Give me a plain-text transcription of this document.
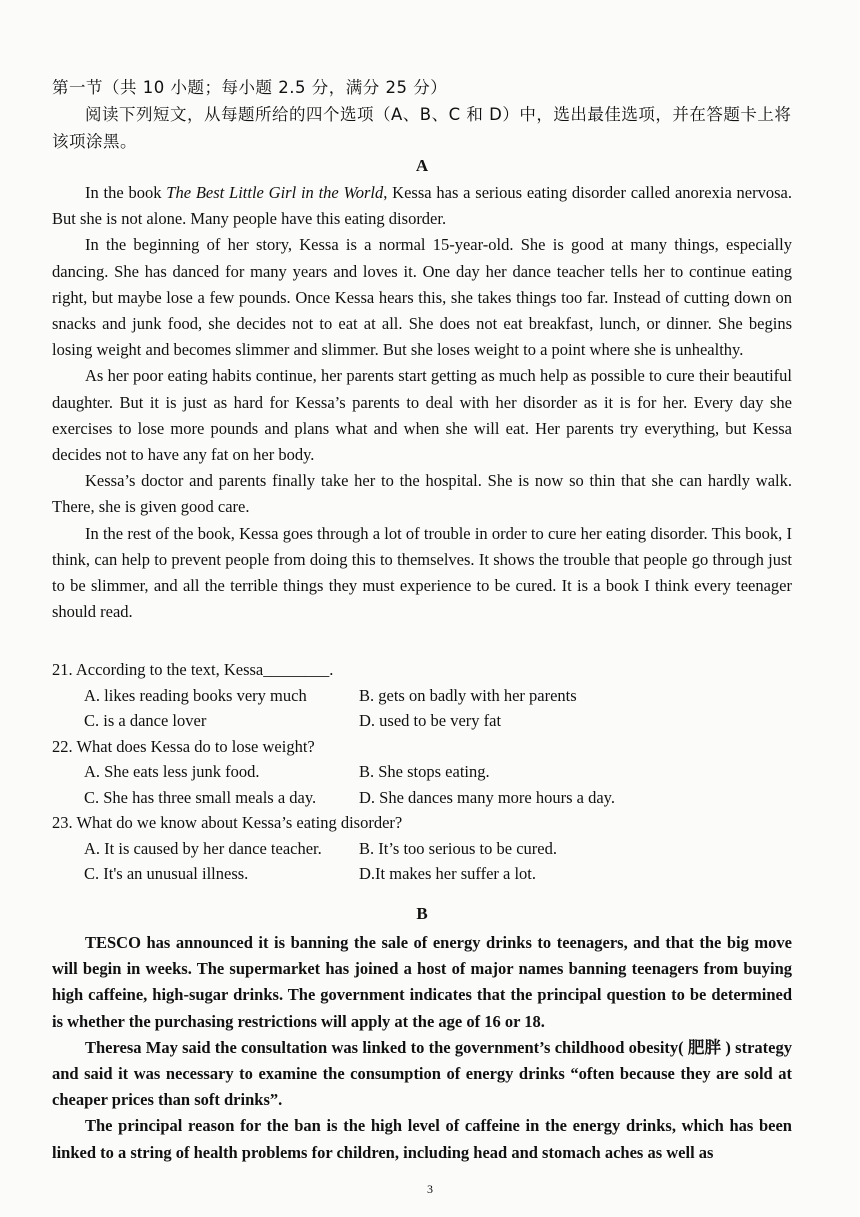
第一节（共 10 小题；每小题 2.5 分，满分 25 分）

阅读下列短文，从每题所给的四个选项（A、B、C 和 D）中，选出最佳选项，并在答题卡上将该项涂黑。

A

In the book The Best Little Girl in the World, Kessa has a serious eating disorder called anorexia nervosa. But she is not alone. Many people have this eating disorder.

In the beginning of her story, Kessa is a normal 15-year-old. She is good at many things, especially dancing. She has danced for many years and loves it. One day her dance teacher tells her to continue eating right, but maybe lose a few pounds. Once Kessa hears this, she takes things too far. Instead of cutting down on snacks and junk food, she decides not to eat at all. She does not eat breakfast, lunch, or dinner. She begins losing weight and becomes slimmer and slimmer. But she loses weight to a point where she is unhealthy.

As her poor eating habits continue, her parents start getting as much help as possible to cure their beautiful daughter. But it is just as hard for Kessa’s parents to deal with her disorder as it is for her. Every day she exercises to lose more pounds and plans what and when she will eat. Her parents try everything, but Kessa decides not to have any fat on her body.

Kessa’s doctor and parents finally take her to the hospital. She is now so thin that she can hardly walk. There, she is given good care.

In the rest of the book, Kessa goes through a lot of trouble in order to cure her eating disorder. This book, I think, can help to prevent people from doing this to themselves. It shows the trouble that people go through just to be slimmer, and all the terrible things they must experience to be cured. It is a book I think every teenager should read.

21. According to the text, Kessa________.

A. likes reading books very much	B. gets on badly with her parents
C. is a dance lover	D. used to be very fat

22. What does Kessa do to lose weight?

A. She eats less junk food.	B. She stops eating.
C. She has three small meals a day.	D. She dances many more hours a day.

23. What do we know about Kessa’s eating disorder?

A. It is caused by her dance teacher.	B. It’s too serious to be cured.
C. It's an unusual illness.	D.It makes her suffer a lot.

B

TESCO has announced it is banning the sale of energy drinks to teenagers, and that the big move will begin in weeks. The supermarket has joined a host of major names banning teenagers from buying high caffeine, high-sugar drinks. The government indicates that the principal question to be determined is whether the purchasing restrictions will apply at the age of 16 or 18.

Theresa May said the consultation was linked to the government’s childhood obesity( 肥胖 ) strategy and said it was necessary to examine the consumption of energy drinks “often because they are sold at cheaper prices than soft drinks”.

The principal reason for the ban is the high level of caffeine in the energy drinks, which has been linked to a string of health problems for children, including head and stomach aches as well as

3
